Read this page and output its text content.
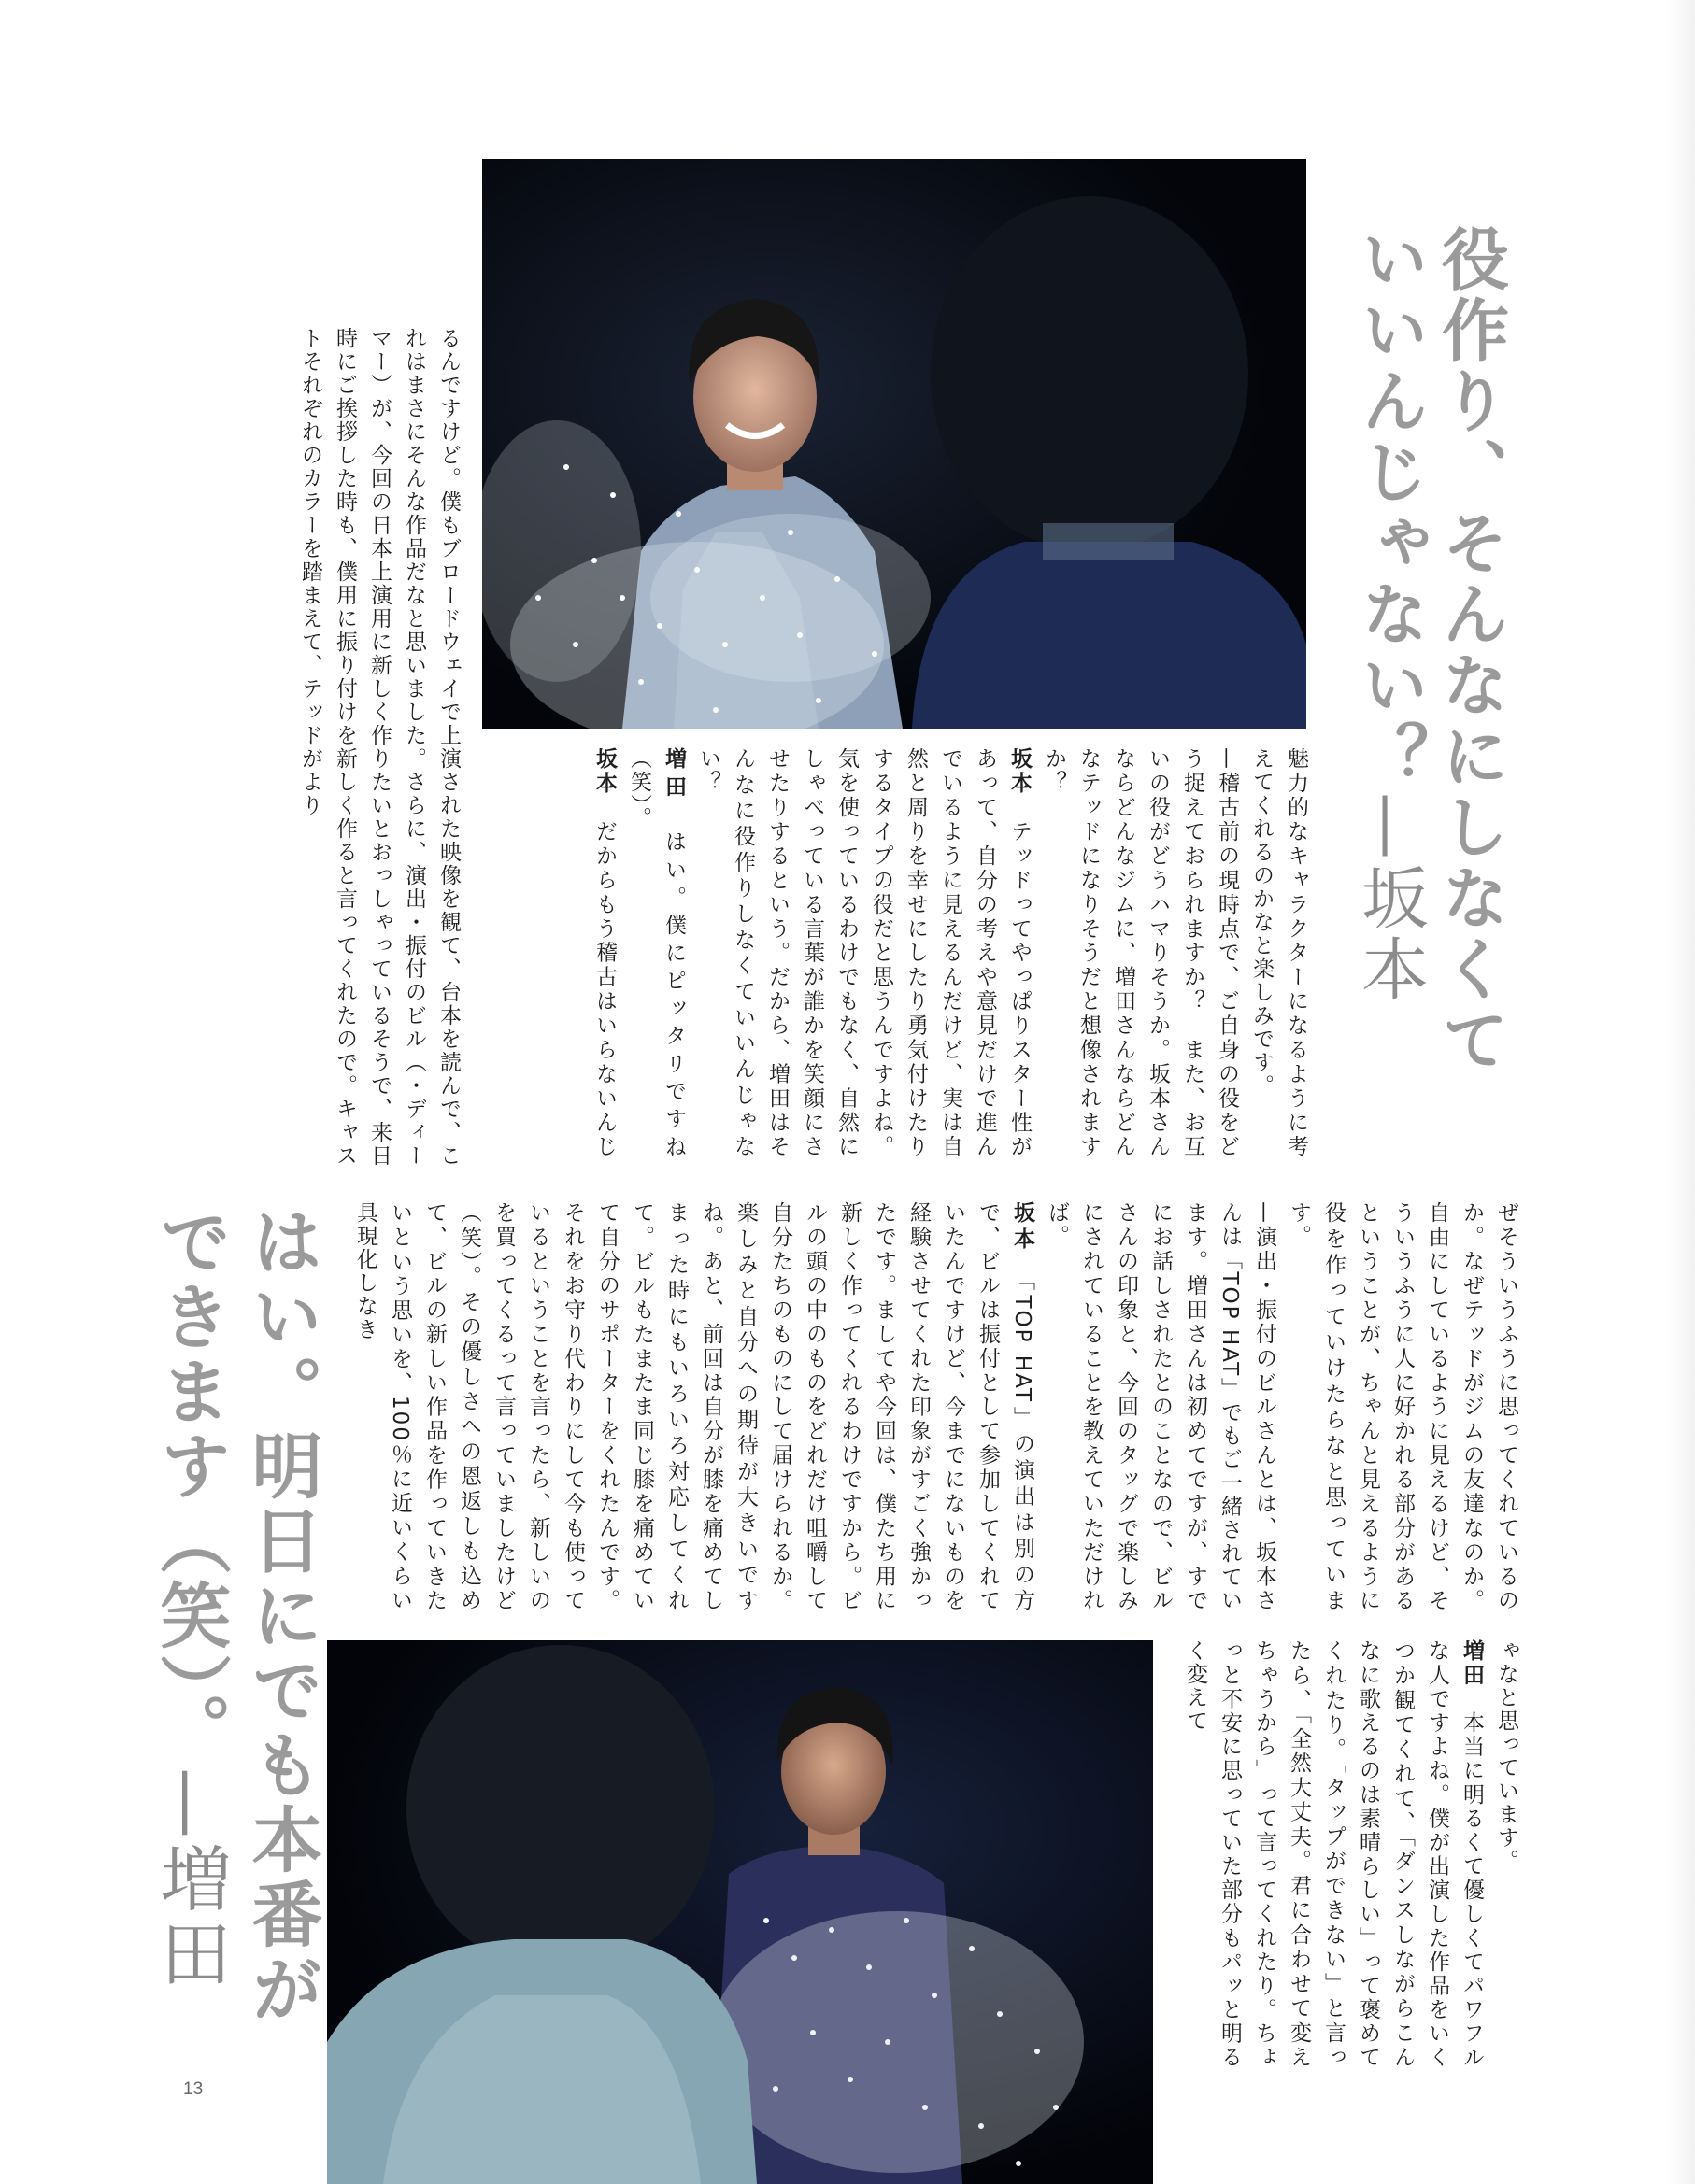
役作り、そんなにしなくて
いいんじゃない？—坂本
はい。明日にでも本番が
できます（笑）。—増田

るんですけど。僕もブロードウェイで上演された映像を観て、台本を読んで、これはまさにそんな作品だなと思いました。さらに、演出・振付のビル（・ディーマー）が、今回の日本上演用に新しく作りたいとおっしゃっているそうで、来日時にご挨拶した時も、僕用に振り付けを新しく作ると言ってくれたので。キャストそれぞれのカラーを踏まえて、テッドがより

魅力的なキャラクターになるように考えてくれるのかなと楽しみです。

—稽古前の現時点で、ご自身の役をどう捉えておられますか？　また、お互いの役がどうハマりそうか。坂本さんならどんなジムに、増田さんならどんなテッドになりそうだと想像されますか？

坂本　テッドってやっぱりスター性があって、自分の考えや意見だけで進んでいるように見えるんだけど、実は自然と周りを幸せにしたり勇気付けたりするタイプの役だと思うんですよね。気を使っているわけでもなく、自然にしゃべっている言葉が誰かを笑顔にさせたりするという。だから、増田はそんなに役作りしなくていいんじゃない？

増田　はい。僕にピッタリですね（笑）。

坂本　だからもう稽古はいらないんじ

ぜそういうふうに思ってくれているのか。なぜテッドがジムの友達なのか。自由にしているように見えるけど、そういうふうに人に好かれる部分があるということが、ちゃんと見えるように役を作っていけたらなと思っています。

—演出・振付のビルさんとは、坂本さんは「TOP HAT」でもご一緒されています。増田さんは初めてですが、すでにお話しされたとのことなので、ビルさんの印象と、今回のタッグで楽しみにされていることを教えていただければ。

坂本　「TOP HAT」の演出は別の方で、ビルは振付として参加してくれていたんですけど、今までにないものを経験させてくれた印象がすごく強かったです。ましてや今回は、僕たち用に新しく作ってくれるわけですから。ビルの頭の中のものをどれだけ咀嚼して自分たちのものにして届けられるか。楽しみと自分への期待が大きいですね。あと、前回は自分が膝を痛めてしまった時にもいろいろ対応してくれて。ビルもたまたま同じ膝を痛めていて自分のサポーターをくれたんです。それをお守り代わりにして今も使っているということを言ったら、新しいのを買ってくるって言っていましたけど（笑）。その優しさへの恩返しも込めて、ビルの新しい作品を作っていきたいという思いを、100％に近いくらい具現化しなき

ゃなと思っています。

増田　本当に明るくて優しくてパワフルな人ですよね。僕が出演した作品をいくつか観てくれて、「ダンスしながらこんなに歌えるのは素晴らしい」って褒めてくれたり。「タップができない」と言ったら、「全然大丈夫。君に合わせて変えちゃうから」って言ってくれたり。ちょっと不安に思っていた部分もパッと明るく変えて

13
